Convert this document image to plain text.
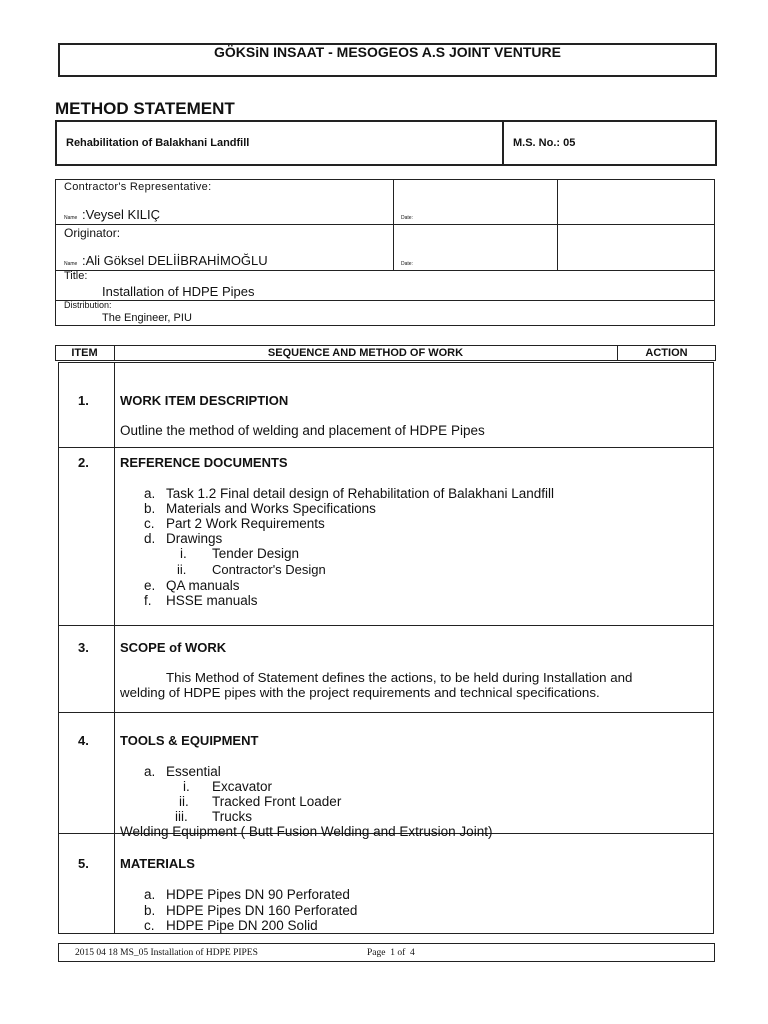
GÖKSiN INSAAT - MESOGEOS A.S JOINT VENTURE
METHOD STATEMENT
Rehabilitation of Balakhani Landfill	M.S. No.: 05
Contractor's Representative:
Name :Veysel KILIÇ	Date:
Originator:
Name :Ali Göksel DELİİBRAHİMOĞLU	Date:
Title:
Installation of HDPE Pipes
Distribution:
The Engineer, PIU
ITEM	SEQUENCE AND METHOD OF WORK	ACTION
1. WORK ITEM DESCRIPTION
Outline the method of welding and placement of HDPE Pipes
2. REFERENCE DOCUMENTS
a. Task 1.2 Final detail design of Rehabilitation of Balakhani Landfill
b. Materials and Works Specifications
c. Part 2 Work Requirements
d. Drawings
i. Tender Design
ii. Contractor's Design
e. QA manuals
f. HSSE manuals
3. SCOPE of WORK
This Method of Statement defines the actions, to be held during Installation and
welding of HDPE pipes with the project requirements and technical specifications.
4. TOOLS & EQUIPMENT
a. Essential
i. Excavator
ii. Tracked Front Loader
iii. Trucks
Welding Equipment ( Butt Fusion Welding and Extrusion Joint)
5. MATERIALS
a. HDPE Pipes DN 90 Perforated
b. HDPE Pipes DN 160 Perforated
c. HDPE Pipe DN 200 Solid
2015 04 18 MS_05 Installation of HDPE PIPES	Page  1 of  4
